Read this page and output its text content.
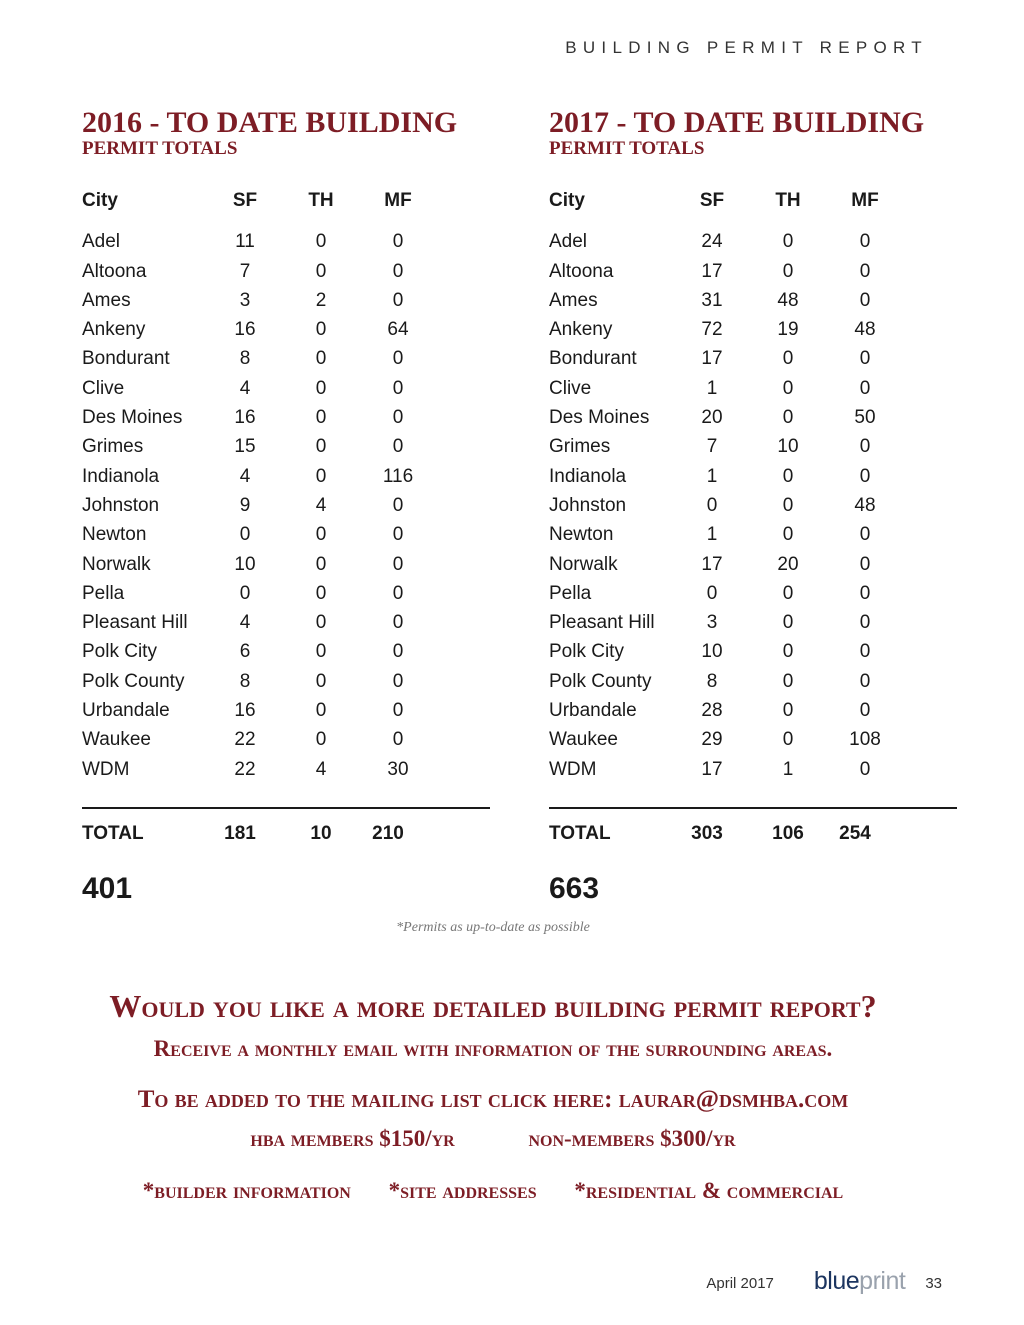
BUILDING PERMIT REPORT
2016 - TO DATE BUILDING
PERMIT TOTALS
City	SF	TH	MF
Adel	11	0	0
Altoona	7	0	0
Ames	3	2	0
Ankeny	16	0	64
Bondurant	8	0	0
Clive	4	0	0
Des Moines	16	0	0
Grimes	15	0	0
Indianola	4	0	116
Johnston	9	4	0
Newton	0	0	0
Norwalk	10	0	0
Pella	0	0	0
Pleasant Hill	4	0	0
Polk City	6	0	0
Polk County	8	0	0
Urbandale	16	0	0
Waukee	22	0	0
WDM	22	4	30
TOTAL	181	10	210
401
2017 - TO DATE BUILDING
PERMIT TOTALS
City	SF	TH	MF
Adel	24	0	0
Altoona	17	0	0
Ames	31	48	0
Ankeny	72	19	48
Bondurant	17	0	0
Clive	1	0	0
Des Moines	20	0	50
Grimes	7	10	0
Indianola	1	0	0
Johnston	0	0	48
Newton	1	0	0
Norwalk	17	20	0
Pella	0	0	0
Pleasant Hill	3	0	0
Polk City	10	0	0
Polk County	8	0	0
Urbandale	28	0	0
Waukee	29	0	108
WDM	17	1	0
TOTAL	303	106	254
663
*Permits as up-to-date as possible
Would you like a more detailed building permit report?
Receive a monthly email with information of the surrounding areas.
To be added to the mailing list click here: laurar@dsmhba.com
hba members $150/yr	non-members $300/yr
*builder information *site addresses *residential & commercial
April 2017 blueprint 33
